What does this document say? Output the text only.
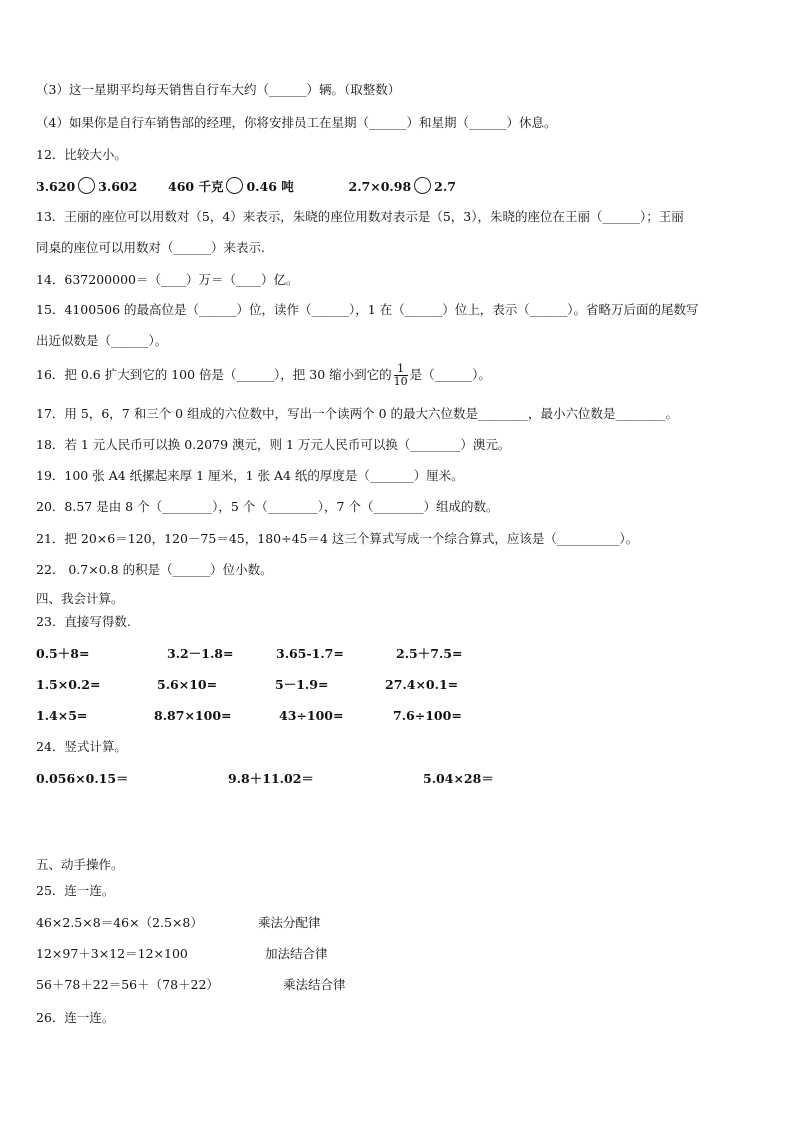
（3）这一星期平均每天销售自行车大约（______）辆。（取整数）
（4）如果你是自行车销售部的经理，你将安排员工在星期（______）和星期（______）休息。
12．比较大小。
3.620 3.602 460 千克 0.46 吨	2.7×0.98 2.7
13．王丽的座位可以用数对（5，4）来表示，朱晓的座位用数对表示是（5，3），朱晓的座位在王丽（______）；王丽
同桌的座位可以用数对（______）来表示.
14．637200000＝（____）万＝（____）亿。
15．4100506 的最高位是（______）位，读作（______），1 在（______）位上，表示（______）。省略万后面的尾数写
出近似数是（______）。
16．把 0.6 扩大到它的 100 倍是（______），把 30 缩小到它的 $\frac{1}{10}$ 是（______）。
17．用 5，6，7 和三个 0 组成的六位数中，写出一个读两个 0 的最大六位数是________，最小六位数是________。
18．若 1 元人民币可以换 0.2079 澳元，则 1 万元人民币可以换（________）澳元。
19．100 张 A4 纸摞起来厚 1 厘米，1 张 A4 纸的厚度是（_______）厘米。
20．8.57 是由 8 个（________），5 个（________），7 个（________）组成的数。
21．把 20×6＝120，120－75＝45，180÷45＝4 这三个算式写成一个综合算式，应该是（__________）。
22． 0.7×0.8 的积是（______）位小数。
四、我会计算。
23．直接写得数.
0.5＋8=	3.2－1.8=	3.65-1.7=	2.5＋7.5=
1.5×0.2=	5.6×10=	5－1.9=	27.4×0.1=
1.4×5=	8.87×100=	43÷100=	7.6÷100=
24．竖式计算。
0.056×0.15＝	9.8＋11.02＝	5.04×28＝
五、动手操作。
25．连一连。
46×2.5×8＝46×（2.5×8）	乘法分配律
12×97＋3×12＝12×100	加法结合律
56＋78＋22＝56＋（78＋22）	乘法结合律
26．连一连。
